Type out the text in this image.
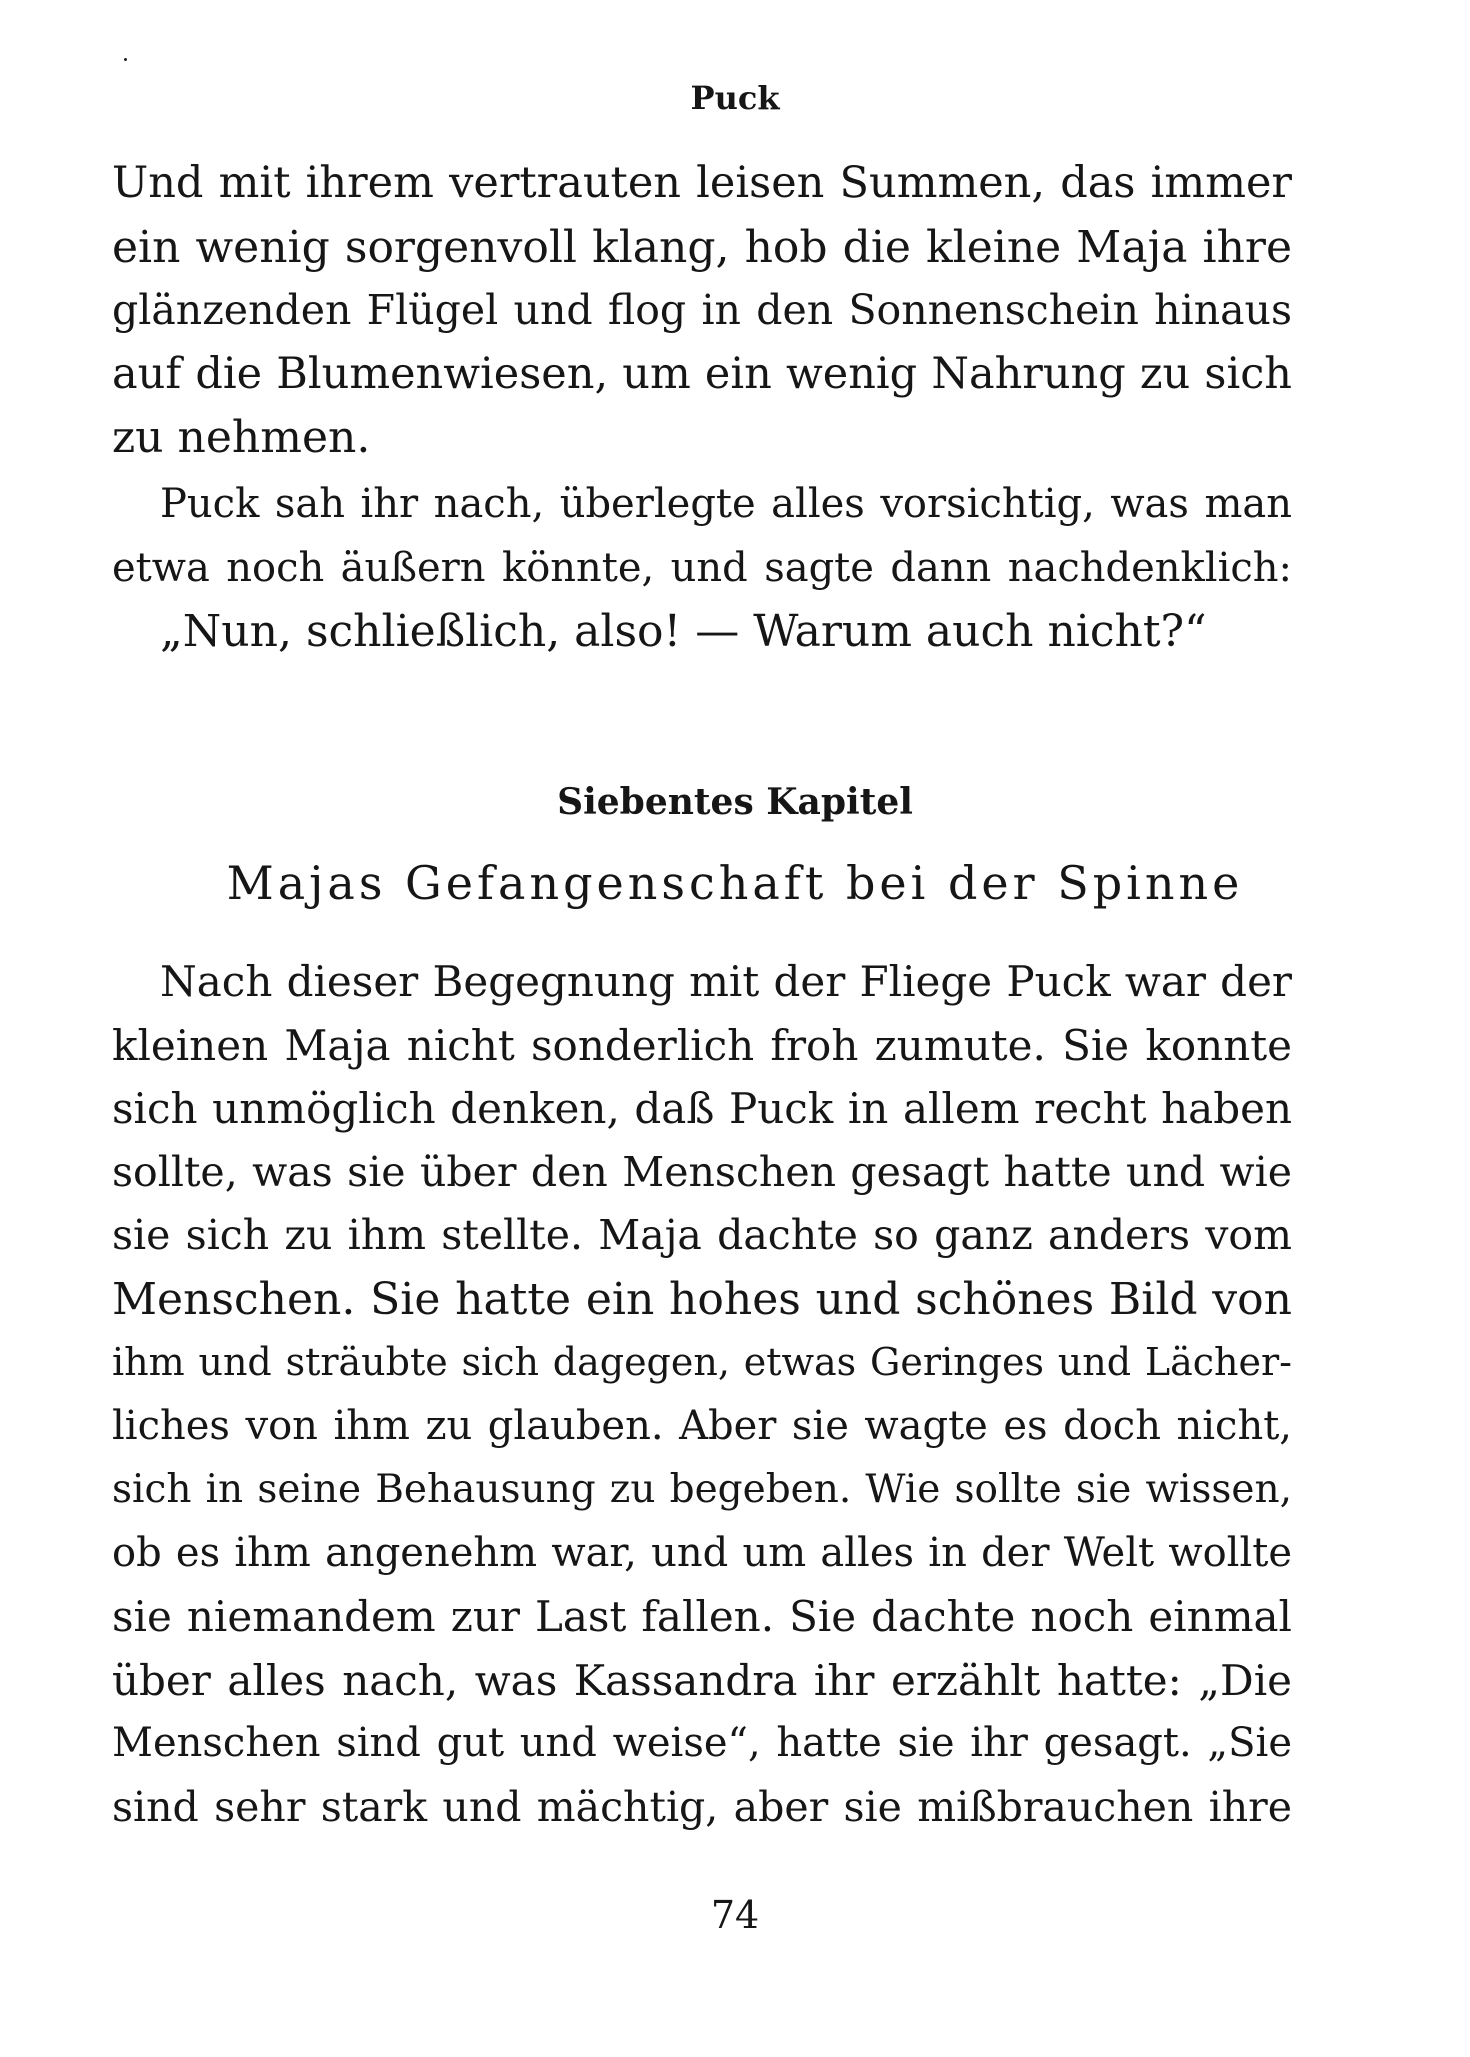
Puck
Und mit ihrem vertrauten leisen Summen, das immer
ein wenig sorgenvoll klang, hob die kleine Maja ihre
glänzenden Flügel und flog in den Sonnenschein hinaus
auf die Blumenwiesen, um ein wenig Nahrung zu sich
zu nehmen.
Puck sah ihr nach, überlegte alles vorsichtig, was man
etwa noch äußern könnte, und sagte dann nachdenklich:
„Nun, schließlich, also! — Warum auch nicht?“
Siebentes Kapitel
Majas Gefangenschaft bei der Spinne
Nach dieser Begegnung mit der Fliege Puck war der
kleinen Maja nicht sonderlich froh zumute. Sie konnte
sich unmöglich denken, daß Puck in allem recht haben
sollte, was sie über den Menschen gesagt hatte und wie
sie sich zu ihm stellte. Maja dachte so ganz anders vom
Menschen. Sie hatte ein hohes und schönes Bild von
ihm und sträubte sich dagegen, etwas Geringes und Lächer-
liches von ihm zu glauben. Aber sie wagte es doch nicht,
sich in seine Behausung zu begeben. Wie sollte sie wissen,
ob es ihm angenehm war, und um alles in der Welt wollte
sie niemandem zur Last fallen. Sie dachte noch einmal
über alles nach, was Kassandra ihr erzählt hatte: „Die
Menschen sind gut und weise“, hatte sie ihr gesagt. „Sie
sind sehr stark und mächtig, aber sie mißbrauchen ihre
74
